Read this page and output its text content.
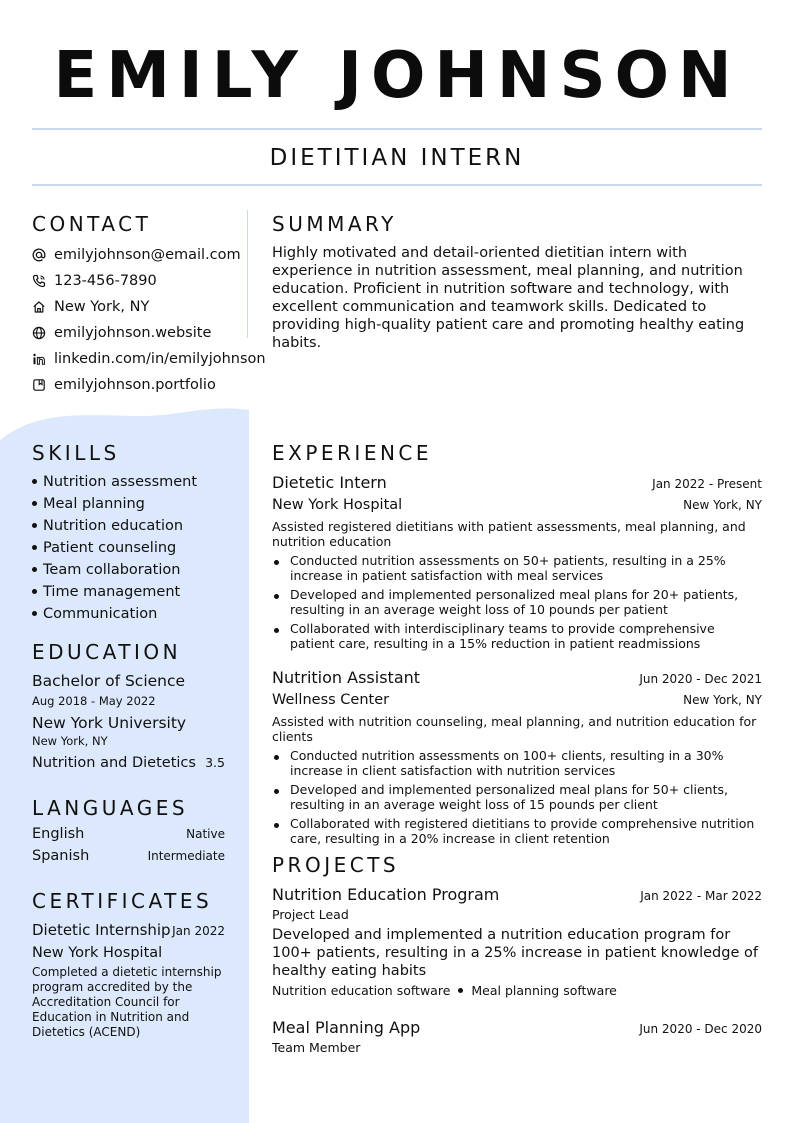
EMILY JOHNSON
DIETITIAN INTERN
CONTACT
emilyjohnson@email.com
123-456-7890
New York, NY
emilyjohnson.website
linkedin.com/in/emilyjohnson
emilyjohnson.portfolio
SUMMARY

Highly motivated and detail-oriented dietitian intern with experience in nutrition assessment, meal planning, and nutrition education. Proficient in nutrition software and technology, with excellent communication and teamwork skills. Dedicated to providing high-quality patient care and promoting healthy eating habits.

SKILLS
Nutrition assessment
Meal planning
Nutrition education
Patient counseling
Team collaboration
Time management
Communication
EDUCATION
Bachelor of Science
Aug 2018 - May 2022
New York University
New York, NY
Nutrition and Dietetics 3.5
LANGUAGES
English	Native
Spanish	Intermediate
CERTIFICATES
Dietetic Internship Jan 2022
New York Hospital
Completed a dietetic internship program accredited by the Accreditation Council for Education in Nutrition and Dietetics (ACEND)
EXPERIENCE
Dietetic Intern	Jan 2022 - Present
New York Hospital	New York, NY
Assisted registered dietitians with patient assessments, meal planning, and nutrition education
Conducted nutrition assessments on 50+ patients, resulting in a 25% increase in patient satisfaction with meal services
Developed and implemented personalized meal plans for 20+ patients, resulting in an average weight loss of 10 pounds per patient
Collaborated with interdisciplinary teams to provide comprehensive patient care, resulting in a 15% reduction in patient readmissions
Nutrition Assistant	Jun 2020 - Dec 2021
Wellness Center	New York, NY
Assisted with nutrition counseling, meal planning, and nutrition education for clients
Conducted nutrition assessments on 100+ clients, resulting in a 30% increase in client satisfaction with nutrition services
Developed and implemented personalized meal plans for 50+ clients, resulting in an average weight loss of 15 pounds per client
Collaborated with registered dietitians to provide comprehensive nutrition care, resulting in a 20% increase in client retention
PROJECTS
Nutrition Education Program	Jan 2022 - Mar 2022
Project Lead
Developed and implemented a nutrition education program for 100+ patients, resulting in a 25% increase in patient knowledge of healthy eating habits
Nutrition education software Meal planning software
Meal Planning App	Jun 2020 - Dec 2020
Team Member
